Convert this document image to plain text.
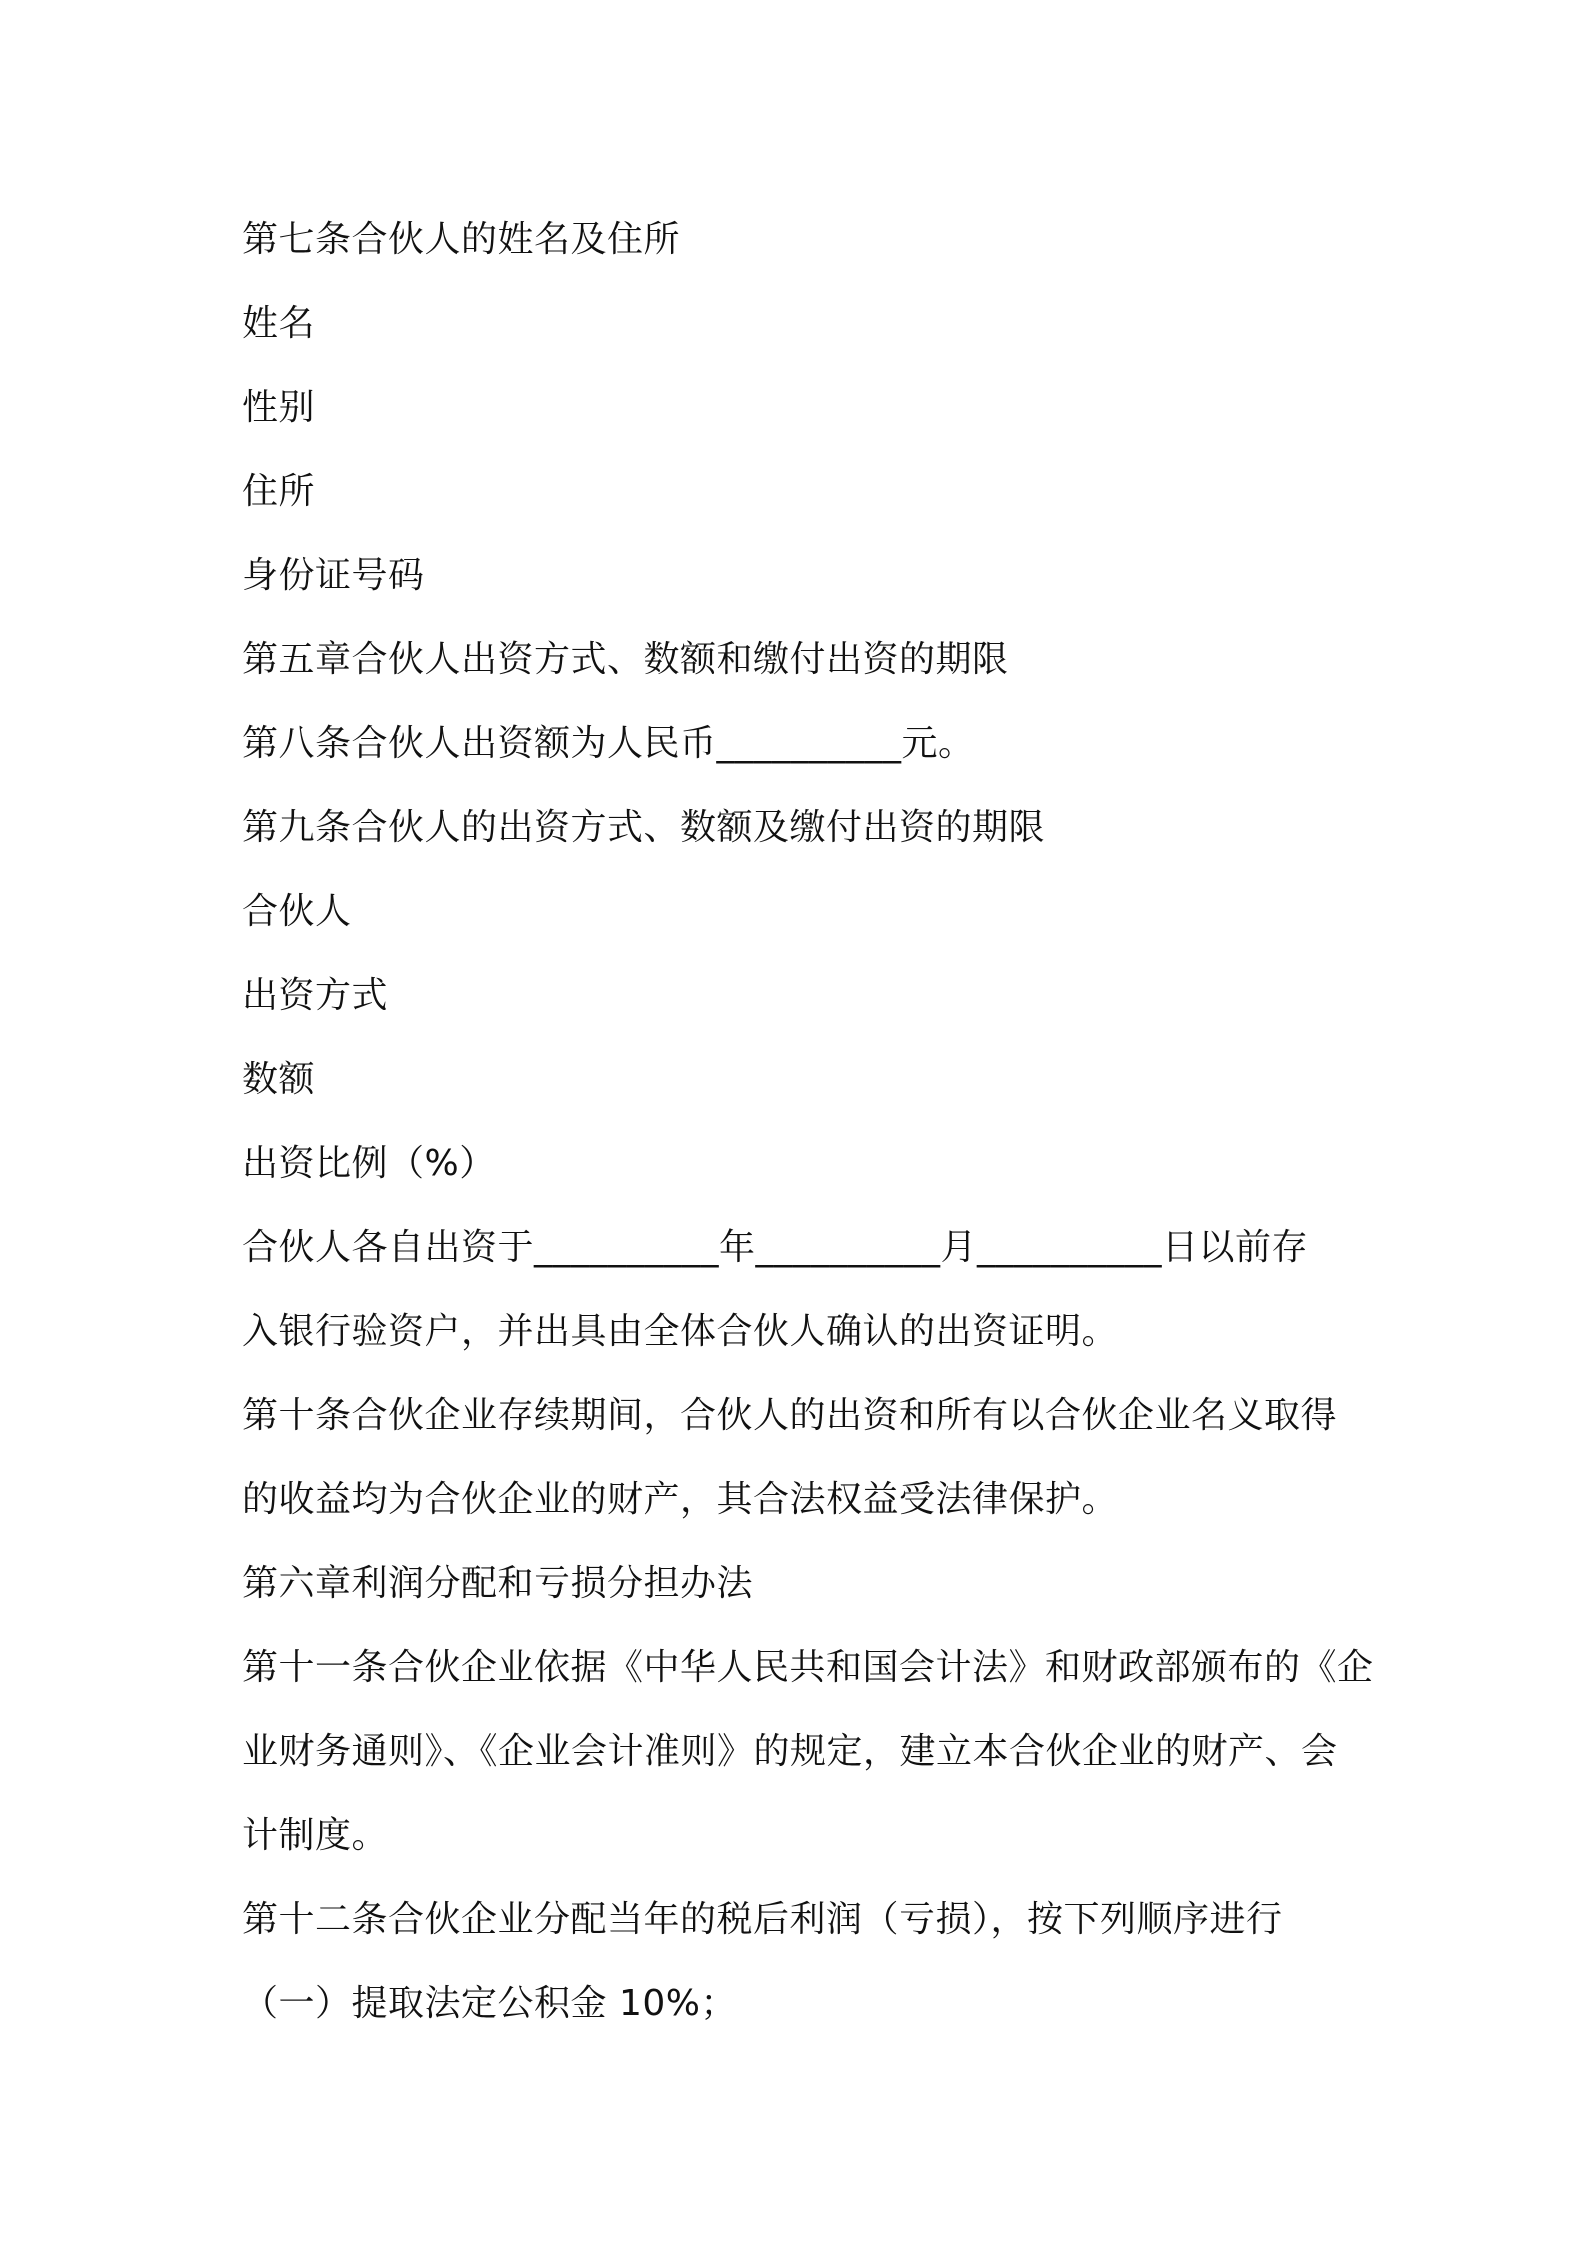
第七条合伙人的姓名及住所
姓名
性别
住所
身份证号码
第五章合伙人出资方式、数额和缴付出资的期限
第八条合伙人出资额为人民币__________元。
第九条合伙人的出资方式、数额及缴付出资的期限
合伙人
出资方式
数额
出资比例（%）
合伙人各自出资于__________年__________月__________日以前存
入银行验资户，并出具由全体合伙人确认的出资证明。
第十条合伙企业存续期间，合伙人的出资和所有以合伙企业名义取得
的收益均为合伙企业的财产，其合法权益受法律保护。
第六章利润分配和亏损分担办法
第十一条合伙企业依据《中华人民共和国会计法》和财政部颁布的《企
业财务通则》、《企业会计准则》的规定，建立本合伙企业的财产、会
计制度。
第十二条合伙企业分配当年的税后利润（亏损），按下列顺序进行
（一）提取法定公积金 10%；
